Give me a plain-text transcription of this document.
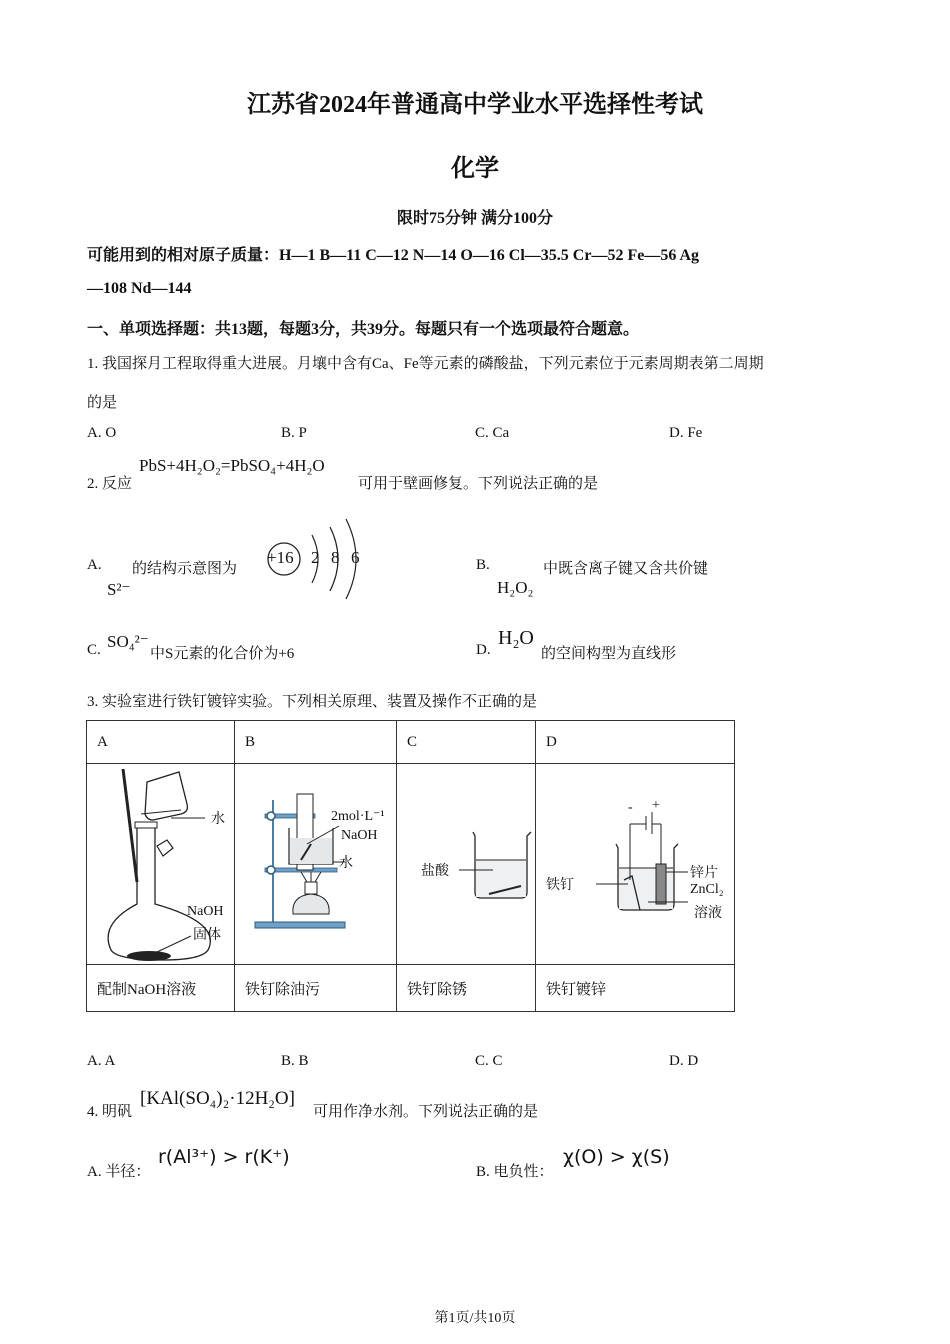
江苏省2024年普通高中学业水平选择性考试
化学
限时75分钟 满分100分
可能用到的相对原子质量：H—1 B—11 C—12 N—14 O—16 Cl—35.5 Cr—52 Fe—56 Ag
—108 Nd—144
一、单项选择题：共13题，每题3分，共39分。每题只有一个选项最符合题意。
1. 我国探月工程取得重大进展。月壤中含有Ca、Fe等元素的磷酸盐，下列元素位于元素周期表第二周期
的是
A. O	B. P	C. Ca	D. Fe
2. 反应
PbS+4H₂O₂=PbSO₄+4H₂O
可用于壁画修复。下列说法正确的是
A.
S²⁻
的结构示意图为
+16 2 8 6	B.
H₂O₂
中既含离子键又含共价键
C. SO₄²⁻
中S元素的化合价为+6	D.
H₂O
的空间构型为直线形
3. 实验室进行铁钉镀锌实验。下列相关原理、装置及操作不正确的是
A	B	C	D

水
NaOH
固体

2mol·L⁻¹
NaOH
水

盐酸

- +
锌片
铁钉	ZnCl₂
溶液

配制NaOH溶液	铁钉除油污	铁钉除锈	铁钉镀锌
A. A	B. B	C. C	D. D
4. 明矾
[KAl(SO₄)₂·12H₂O]
可用作净水剂。下列说法正确的是
A. 半径：
r(Al³⁺) > r(K⁺)
B. 电负性：
χ(O) > χ(S)
第1页/共10页
